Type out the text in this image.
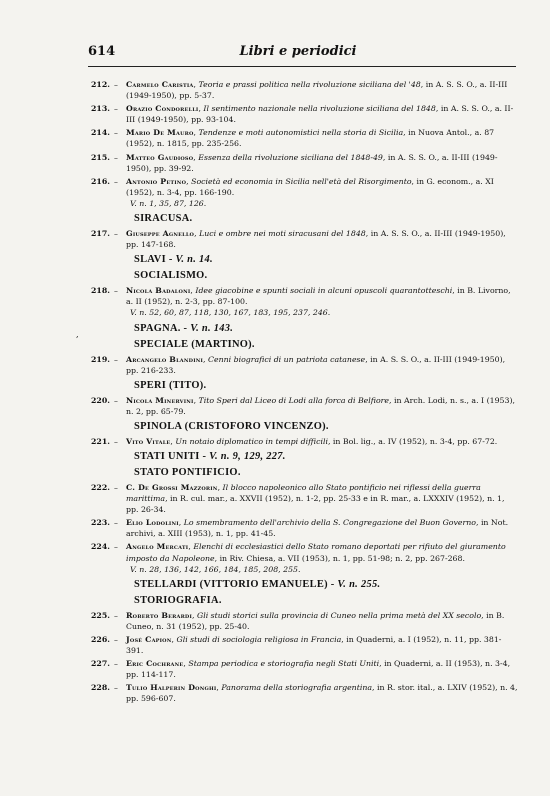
614	Libri e periodici
,
212. – Carmelo Caristia, Teoria e prassi politica nella rivoluzione siciliana del '48, in A. S. S. O., a. II-III (1949-1950), pp. 5-37.
213. – Orazio Condorelli, Il sentimento nazionale nella rivoluzione siciliana del 1848, in A. S. S. O., a. II-III (1949-1950), pp. 93-104.
214. – Mario De Mauro, Tendenze e moti autonomistici nella storia di Sicilia, in Nuova Antol., a. 87 (1952), n. 1815, pp. 235-256.
215. – Matteo Gaudioso, Essenza della rivoluzione siciliana del 1848-49, in A. S. S. O., a. II-III (1949-1950), pp. 39-92.
216. – Antonio Petino, Società ed economia in Sicilia nell'età del Risorgimento, in G. econom., a. XI (1952), n. 3-4, pp. 166-190.
V. n. 1, 35, 87, 126.
SIRACUSA.
217. – Giuseppe Agnello, Luci e ombre nei moti siracusani del 1848, in A. S. S. O., a. II-III (1949-1950), pp. 147-168.
SLAVI - V. n. 14.
SOCIALISMO.
218. – Nicola Badaloni, Idee giacobine e spunti sociali in alcuni opuscoli quarantotteschi, in B. Livorno, a. II (1952), n. 2-3, pp. 87-100.
V. n. 52, 60, 87, 118, 130, 167, 183, 195, 237, 246.
SPAGNA. - V. n. 143.
SPECIALE (MARTINO).
219. – Arcangelo Blandini, Cenni biografici di un patriota catanese, in A. S. S. O., a. II-III (1949-1950), pp. 216-233.
SPERI (TITO).
220. – Nicola Minervini, Tito Speri dal Liceo di Lodi alla forca di Belfiore, in Arch. Lodi, n. s., a. I (1953), n. 2, pp. 65-79.
SPINOLA (CRISTOFORO VINCENZO).
221. – Vito Vitale, Un notaio diplomatico in tempi difficili, in Bol. lig., a. IV (1952), n. 3-4, pp. 67-72.
STATI UNITI - V. n. 9, 129, 227.
STATO PONTIFICIO.
222. – C. De Grossi Mazzorin, Il blocco napoleonico allo Stato pontificio nei riflessi della guerra marittima, in R. cul. mar., a. XXVII (1952), n. 1-2, pp. 25-33 e in R. mar., a. LXXXIV (1952), n. 1, pp. 26-34.
223. – Elio Lodolini, Lo smembramento dell'archivio della S. Congregazione del Buon Governo, in Not. archivi, a. XIII (1953), n. 1, pp. 41-45.
224. – Angelo Mercati, Elenchi di ecclesiastici dello Stato romano deportati per rifiuto del giuramento imposto da Napoleone, in Riv. Chiesa, a. VII (1953), n. 1, pp. 51-98; n. 2, pp. 267-268.
V. n. 28, 136, 142, 166, 184, 185, 208, 255.
STELLARDI (VITTORIO EMANUELE) - V. n. 255.
STORIOGRAFIA.
225. – Roberto Berardi, Gli studi storici sulla provincia di Cuneo nella prima metà del XX secolo, in B. Cuneo, n. 31 (1952), pp. 25-40.
226. – José Capion, Gli studi di sociologia religiosa in Francia, in Quaderni, a. I (1952), n. 11, pp. 381-391.
227. – Eric Cochrane, Stampa periodica e storiografia negli Stati Uniti, in Quaderni, a. II (1953), n. 3-4, pp. 114-117.
228. – Tulio Halperin Donghi, Panorama della storiografia argentina, in R. stor. ital., a. LXIV (1952), n. 4, pp. 596-607.
